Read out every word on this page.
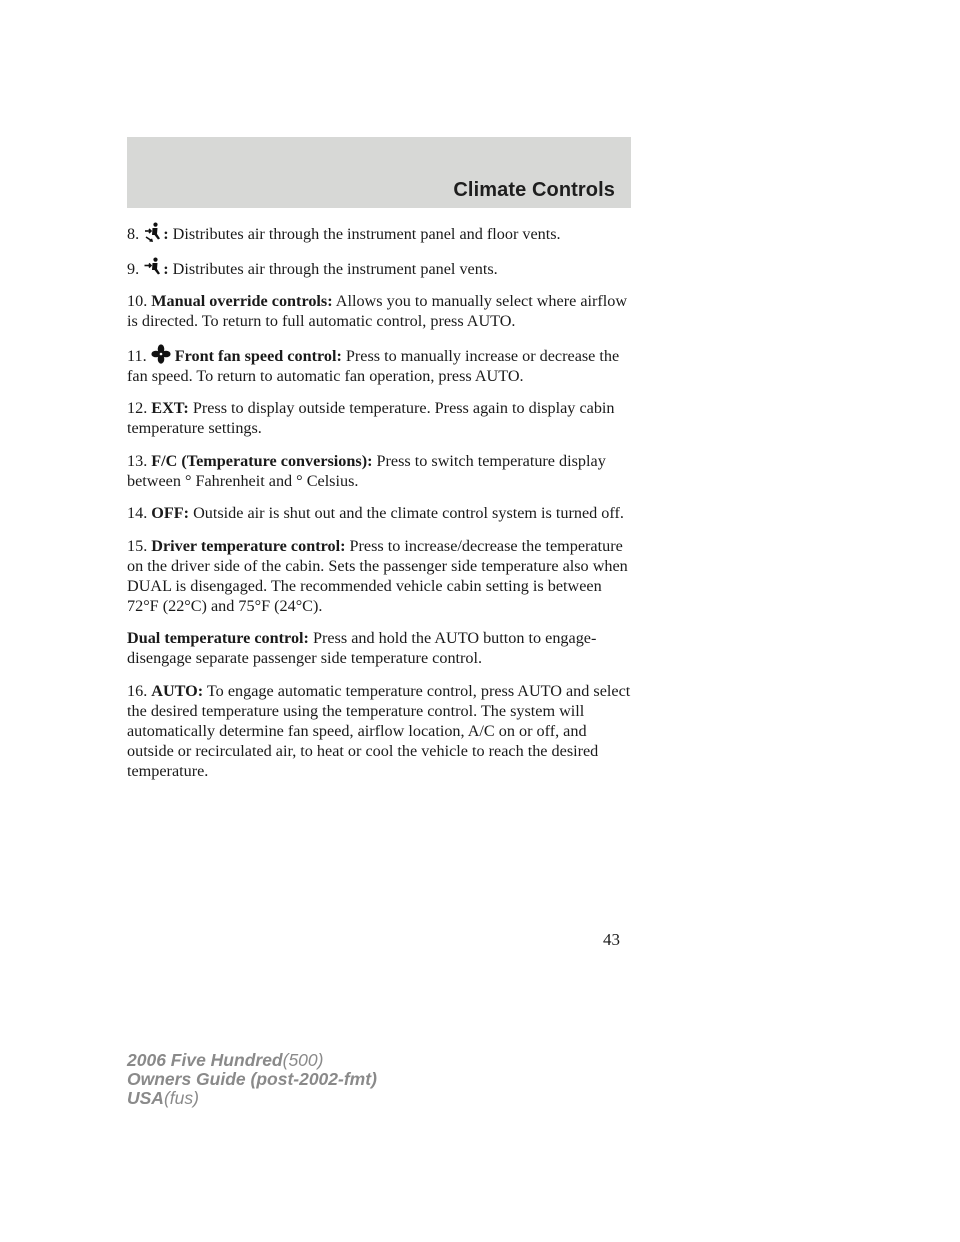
Climate Controls

8. : Distributes air through the instrument panel and floor vents.

9. : Distributes air through the instrument panel vents.

10. Manual override controls: Allows you to manually select where airflow is directed. To return to full automatic control, press AUTO.

11. Front fan speed control: Press to manually increase or decrease the fan speed. To return to automatic fan operation, press AUTO.

12. EXT: Press to display outside temperature. Press again to display cabin temperature settings.

13. F/C (Temperature conversions): Press to switch temperature display between ° Fahrenheit and ° Celsius.

14. OFF: Outside air is shut out and the climate control system is turned off.

15. Driver temperature control: Press to increase/decrease the temperature on the driver side of the cabin. Sets the passenger side temperature also when DUAL is disengaged. The recommended vehicle cabin setting is between 72°F (22°C) and 75°F (24°C).

Dual temperature control: Press and hold the AUTO button to engage-disengage separate passenger side temperature control.

16. AUTO: To engage automatic temperature control, press AUTO and select the desired temperature using the temperature control. The system will automatically determine fan speed, airflow location, A/C on or off, and outside or recirculated air, to heat or cool the vehicle to reach the desired temperature.

43
2006 Five Hundred(500)
Owners Guide (post-2002-fmt)
USA(fus)
